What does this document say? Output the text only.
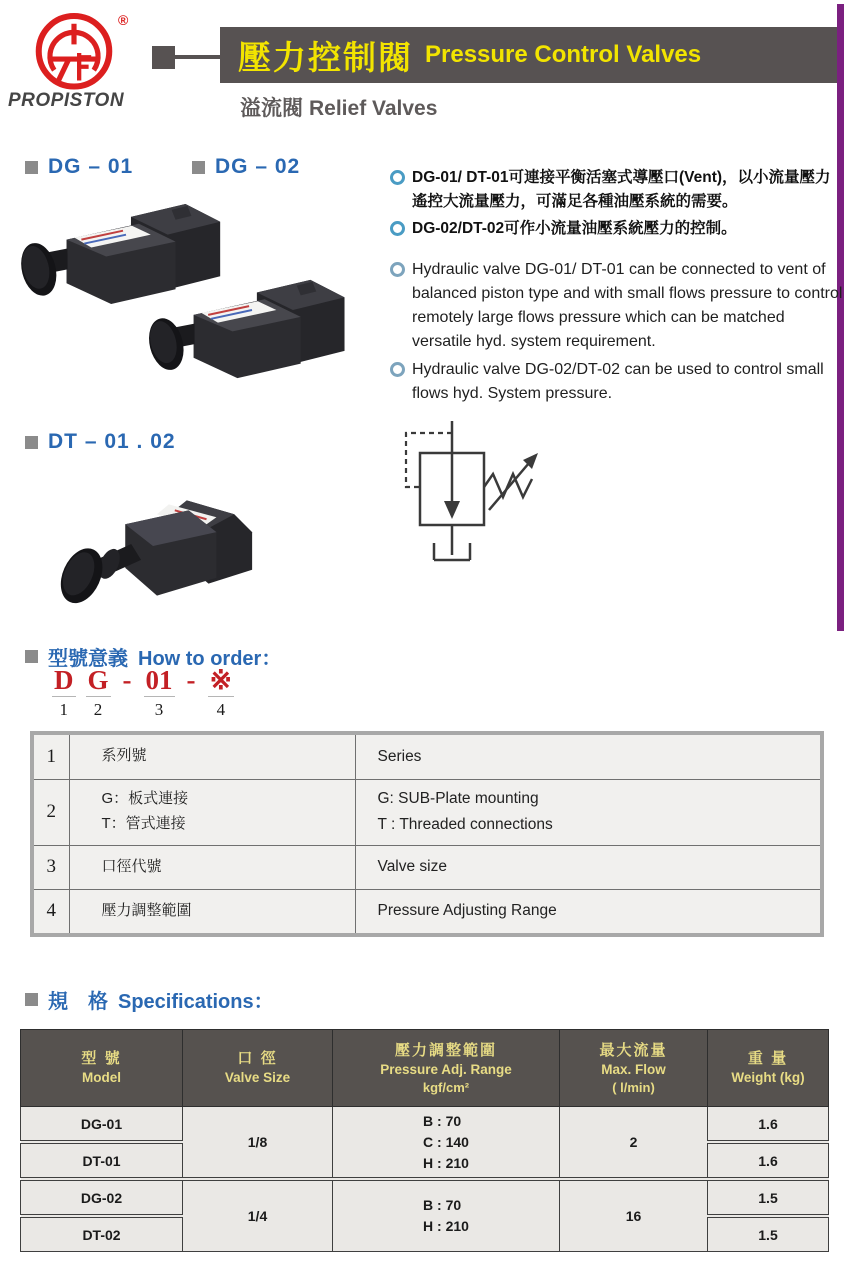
®
PROPISTON
壓力控制閥 Pressure Control Valves
溢流閥 Relief Valves
DG – 01	DG – 02
DT – 01 . 02
DG-01/ DT-01可連接平衡活塞式導壓口(Vent)，以小流量壓力遙控大流量壓力，可滿足各種油壓系統的需要。
DG-02/DT-02可作小流量油壓系統壓力的控制。
Hydraulic valve DG-01/ DT-01 can be connected to vent of balanced piston type and with small flows pressure to control remotely large flows pressure which can be matched versatile hyd. system requirement.
Hydraulic valve DG-02/DT-02 can be used to control small flows hyd. System pressure.
型號意義 How to order：
D
1

G
2

-
01
3

-
※
4
1	系列號	Series

2	G：板式連接
T：管式連接	G: SUB-Plate mounting
T : Threaded connections

3	口徑代號	Valve size

4	壓力調整範圍	Pressure Adjusting Range
規　格 Specifications：
型 號
Model	口 徑
Valve Size	壓力調整範圍
Pressure Adj. Range
kgf/cm²	最大流量
Max. Flow
( l/min)	重 量
Weight (kg)

DG-01	1/8	B : 70
C : 140
H : 210	2	1.6
DT-01				1.6
DG-02	1/4	B : 70
H : 210	16	1.5
DT-02				1.5
